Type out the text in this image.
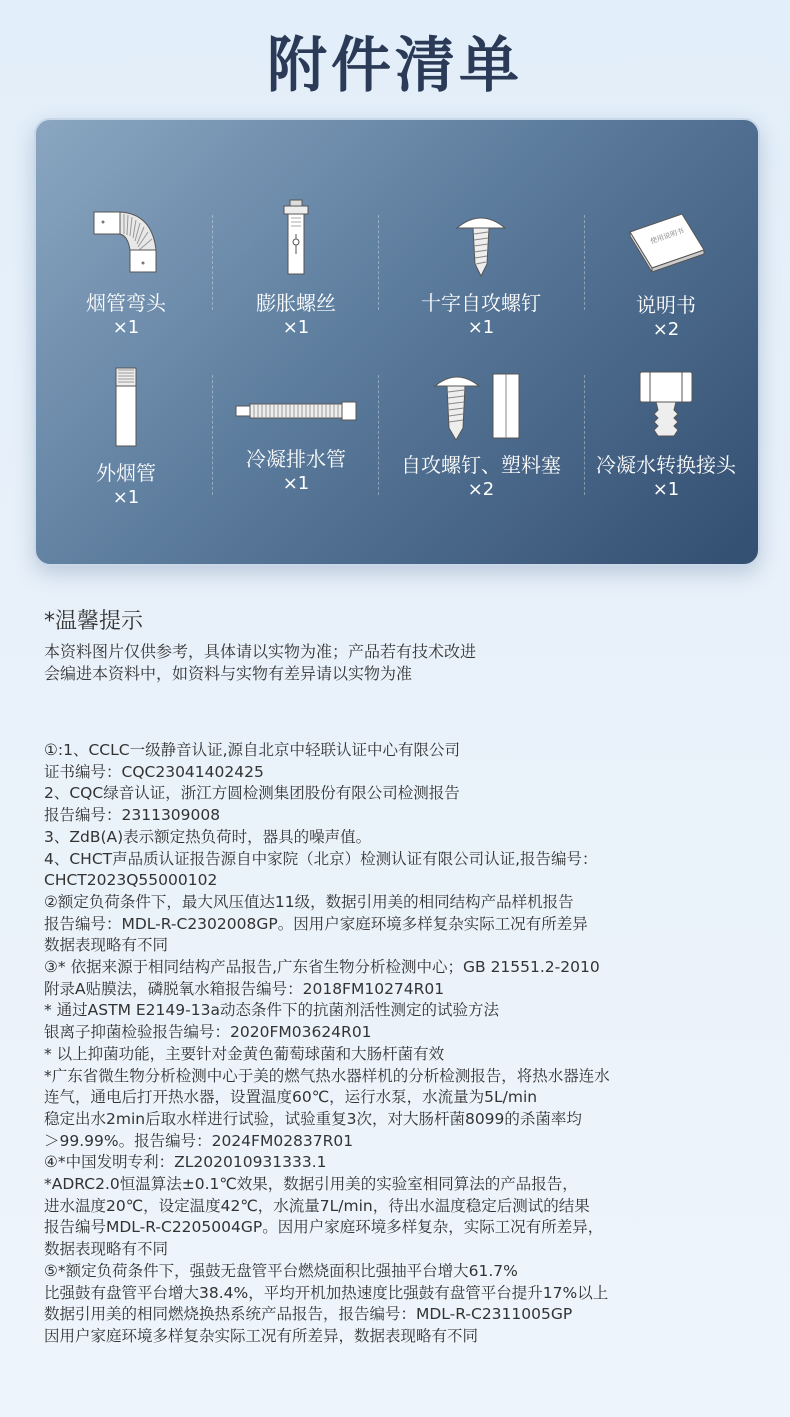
附件清单
烟管弯头
×1
膨胀螺丝
×1
十字自攻螺钉
×1
使用说明书
说明书
×2
外烟管
×1
冷凝排水管
×1
自攻螺钉、塑料塞
×2
冷凝水转换接头
×1
*温馨提示
本资料图片仅供参考，具体请以实物为准；产品若有技术改进
会编进本资料中，如资料与实物有差异请以实物为准
①:1、CCLC一级静音认证,源自北京中轻联认证中心有限公司
证书编号：CQC23041402425
2、CQC绿音认证，浙江方圆检测集团股份有限公司检测报告
报告编号：2311309008
3、ZdB(A)表示额定热负荷时，器具的噪声值。
4、CHCT声品质认证报告源自中家院（北京）检测认证有限公司认证,报告编号：
CHCT2023Q55000102
②额定负荷条件下，最大风压值达11级，数据引用美的相同结构产品样机报告
报告编号：MDL-R-C2302008GP。因用户家庭环境多样复杂实际工况有所差异
数据表现略有不同
③* 依据来源于相同结构产品报告,广东省生物分析检测中心；GB 21551.2-2010
附录A贴膜法，磷脱氧水箱报告编号：2018FM10274R01
* 通过ASTM E2149-13a动态条件下的抗菌剂活性测定的试验方法
银离子抑菌检验报告编号：2020FM03624R01
* 以上抑菌功能，主要针对金黄色葡萄球菌和大肠杆菌有效
*广东省微生物分析检测中心于美的燃气热水器样机的分析检测报告，将热水器连水
连气，通电后打开热水器，设置温度60℃，运行水泵，水流量为5L/min
稳定出水2min后取水样进行试验，试验重复3次，对大肠杆菌8099的杀菌率均
＞99.99%。报告编号：2024FM02837R01
④*中国发明专利：ZL202010931333.1
*ADRC2.0恒温算法±0.1℃效果，数据引用美的实验室相同算法的产品报告，
进水温度20℃，设定温度42℃，水流量7L/min，待出水温度稳定后测试的结果
报告编号MDL-R-C2205004GP。因用户家庭环境多样复杂，实际工况有所差异，
数据表现略有不同
⑤*额定负荷条件下，强鼓无盘管平台燃烧面积比强抽平台增大61.7%
比强鼓有盘管平台增大38.4%，平均开机加热速度比强鼓有盘管平台提升17%以上
数据引用美的相同燃烧换热系统产品报告，报告编号：MDL-R-C2311005GP
因用户家庭环境多样复杂实际工况有所差异，数据表现略有不同
